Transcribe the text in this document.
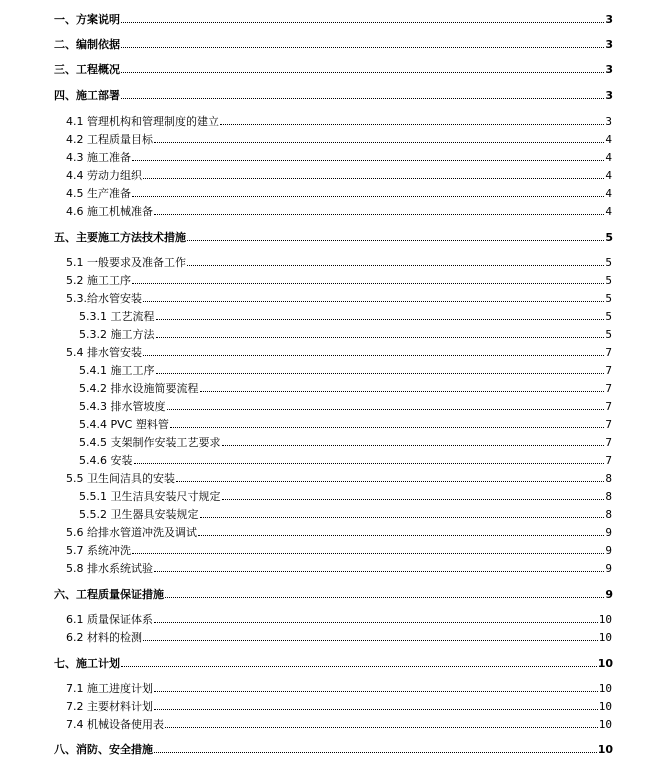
一、方案说明	3
二、编制依据	3
三、工程概况	3
四、施工部署	3
4.1 管理机构和管理制度的建立	3
4.2 工程质量目标	4
4.3 施工准备	4
4.4 劳动力组织	4
4.5 生产准备	4
4.6 施工机械准备	4
五、主要施工方法技术措施	5
5.1 一般要求及准备工作	5
5.2 施工工序	5
5.3.给水管安装	5
5.3.1 工艺流程	5
5.3.2 施工方法	5
5.4 排水管安装	7
5.4.1 施工工序	7
5.4.2 排水设施简要流程	7
5.4.3 排水管坡度	7
5.4.4 PVC 塑料管	7
5.4.5 支架制作安装工艺要求	7
5.4.6 安装	7
5.5 卫生间洁具的安装	8
5.5.1 卫生洁具安装尺寸规定	8
5.5.2 卫生器具安装规定	8
5.6 给排水管道冲洗及调试	9
5.7 系统冲洗	9
5.8 排水系统试验	9
六、工程质量保证措施	9
6.1 质量保证体系	10
6.2 材料的检测	10
七、施工计划	10
7.1 施工进度计划	10
7.2 主要材料计划	10
7.4 机械设备使用表	10
八、消防、安全措施	10
